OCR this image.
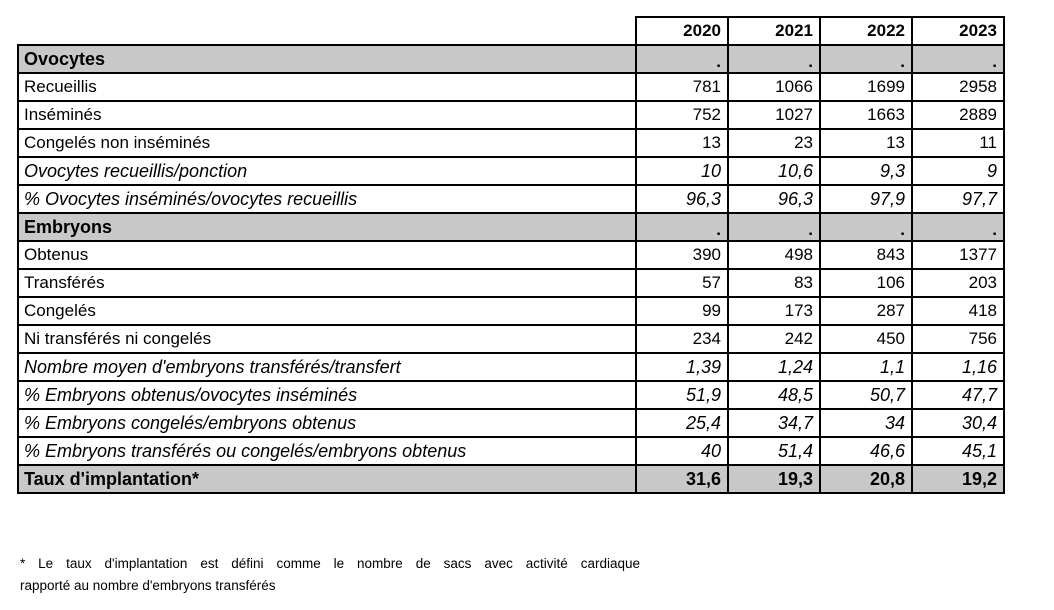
	2020	2021	2022	2023
Ovocytes	.	.	.	.
Recueillis	781	1066	1699	2958
Inséminés	752	1027	1663	2889
Congelés non inséminés	13	23	13	11
Ovocytes recueillis/ponction	10	10,6	9,3	9
% Ovocytes inséminés/ovocytes recueillis	96,3	96,3	97,9	97,7
Embryons	.	.	.	.
Obtenus	390	498	843	1377
Transférés	57	83	106	203
Congelés	99	173	287	418
Ni transférés ni congelés	234	242	450	756
Nombre moyen d'embryons transférés/transfert	1,39	1,24	1,1	1,16
% Embryons obtenus/ovocytes inséminés	51,9	48,5	50,7	47,7
% Embryons congelés/embryons obtenus	25,4	34,7	34	30,4
% Embryons transférés ou congelés/embryons obtenus	40	51,4	46,6	45,1
Taux d'implantation*	31,6	19,3	20,8	19,2
* Le taux d'implantation est défini comme le nombre de sacs avec activité cardiaque
rapporté au nombre d'embryons transférés
